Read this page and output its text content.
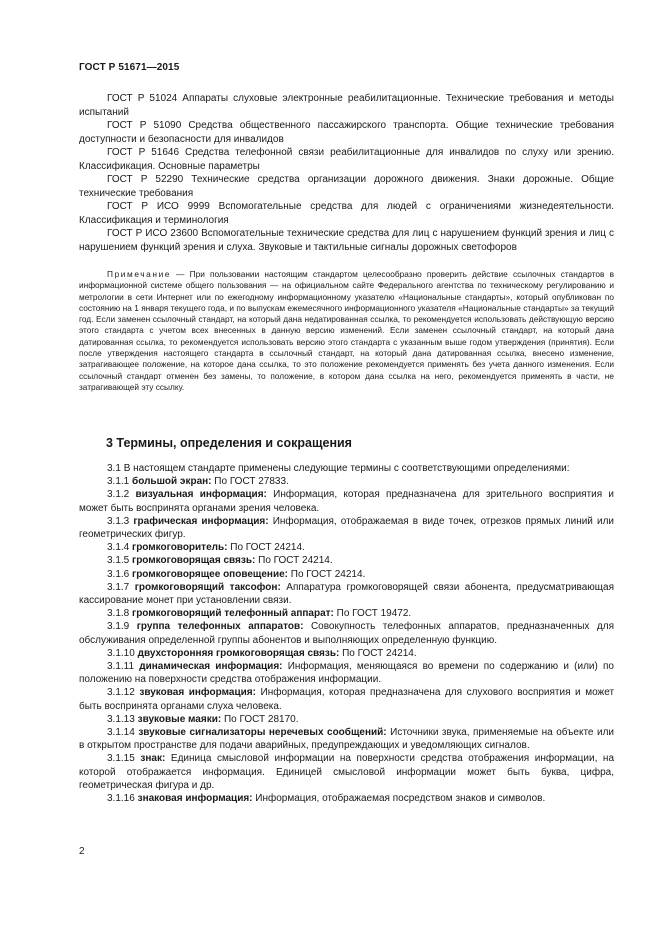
ГОСТ Р 51671—2015

ГОСТ Р 51024 Аппараты слуховые электронные реабилитационные. Технические требования и методы испытаний

ГОСТ Р 51090 Средства общественного пассажирского транспорта. Общие технические требования доступности и безопасности для инвалидов

ГОСТ Р 51646 Средства телефонной связи реабилитационные для инвалидов по слуху или зрению. Классификация. Основные параметры

ГОСТ Р 52290 Технические средства организации дорожного движения. Знаки дорожные. Общие технические требования

ГОСТ Р ИСО 9999 Вспомогательные средства для людей с ограничениями жизнедеятельности. Классификация и терминология

ГОСТ Р ИСО 23600 Вспомогательные технические средства для лиц с нарушением функций зрения и лиц с нарушением функций зрения и слуха. Звуковые и тактильные сигналы дорожных светофоров

Примечание — При пользовании настоящим стандартом целесообразно проверить действие ссылочных стандартов в информационной системе общего пользования — на официальном сайте Федерального агентства по техническому регулированию и метрологии в сети Интернет или по ежегодному информационному указателю «Национальные стандарты», который опубликован по состоянию на 1 января текущего года, и по выпускам ежемесячного информационного указателя «Национальные стандарты» за текущий год. Если заменен ссылочный стандарт, на который дана недатированная ссылка, то рекомендуется использовать действующую версию этого стандарта с учетом всех внесенных в данную версию изменений. Если заменен ссылочный стандарт, на который дана датированная ссылка, то рекомендуется использовать версию этого стандарта с указанным выше годом утверждения (принятия). Если после утверждения настоящего стандарта в ссылочный стандарт, на который дана датированная ссылка, внесено изменение, затрагивающее положение, на которое дана ссылка, то это положение рекомендуется применять без учета данного изменения. Если ссылочный стандарт отменен без замены, то положение, в котором дана ссылка на него, рекомендуется применять в части, не затрагивающей эту ссылку.

3 Термины, определения и сокращения

3.1 В настоящем стандарте применены следующие термины с соответствующими определениями:

3.1.1 большой экран: По ГОСТ 27833.

3.1.2 визуальная информация: Информация, которая предназначена для зрительного восприятия и может быть воспринята органами зрения человека.

3.1.3 графическая информация: Информация, отображаемая в виде точек, отрезков прямых линий или геометрических фигур.

3.1.4 громкоговоритель: По ГОСТ 24214.

3.1.5 громкоговорящая связь: По ГОСТ 24214.

3.1.6 громкоговорящее оповещение: По ГОСТ 24214.

3.1.7 громкоговорящий таксофон: Аппаратура громкоговорящей связи абонента, предусматривающая кассирование монет при установлении связи.

3.1.8 громкоговорящий телефонный аппарат: По ГОСТ 19472.

3.1.9 группа телефонных аппаратов: Совокупность телефонных аппаратов, предназначенных для обслуживания определенной группы абонентов и выполняющих определенную функцию.

3.1.10 двухсторонняя громкоговорящая связь: По ГОСТ 24214.

3.1.11 динамическая информация: Информация, меняющаяся во времени по содержанию и (или) по положению на поверхности средства отображения информации.

3.1.12 звуковая информация: Информация, которая предназначена для слухового восприятия и может быть воспринята органами слуха человека.

3.1.13 звуковые маяки: По ГОСТ 28170.

3.1.14 звуковые сигнализаторы неречевых сообщений: Источники звука, применяемые на объекте или в открытом пространстве для подачи аварийных, предупреждающих и уведомляющих сигналов.

3.1.15 знак: Единица смысловой информации на поверхности средства отображения информации, на которой отображается информация. Единицей смысловой информации может быть буква, цифра, геометрическая фигура и др.

3.1.16 знаковая информация: Информация, отображаемая посредством знаков и символов.

2
